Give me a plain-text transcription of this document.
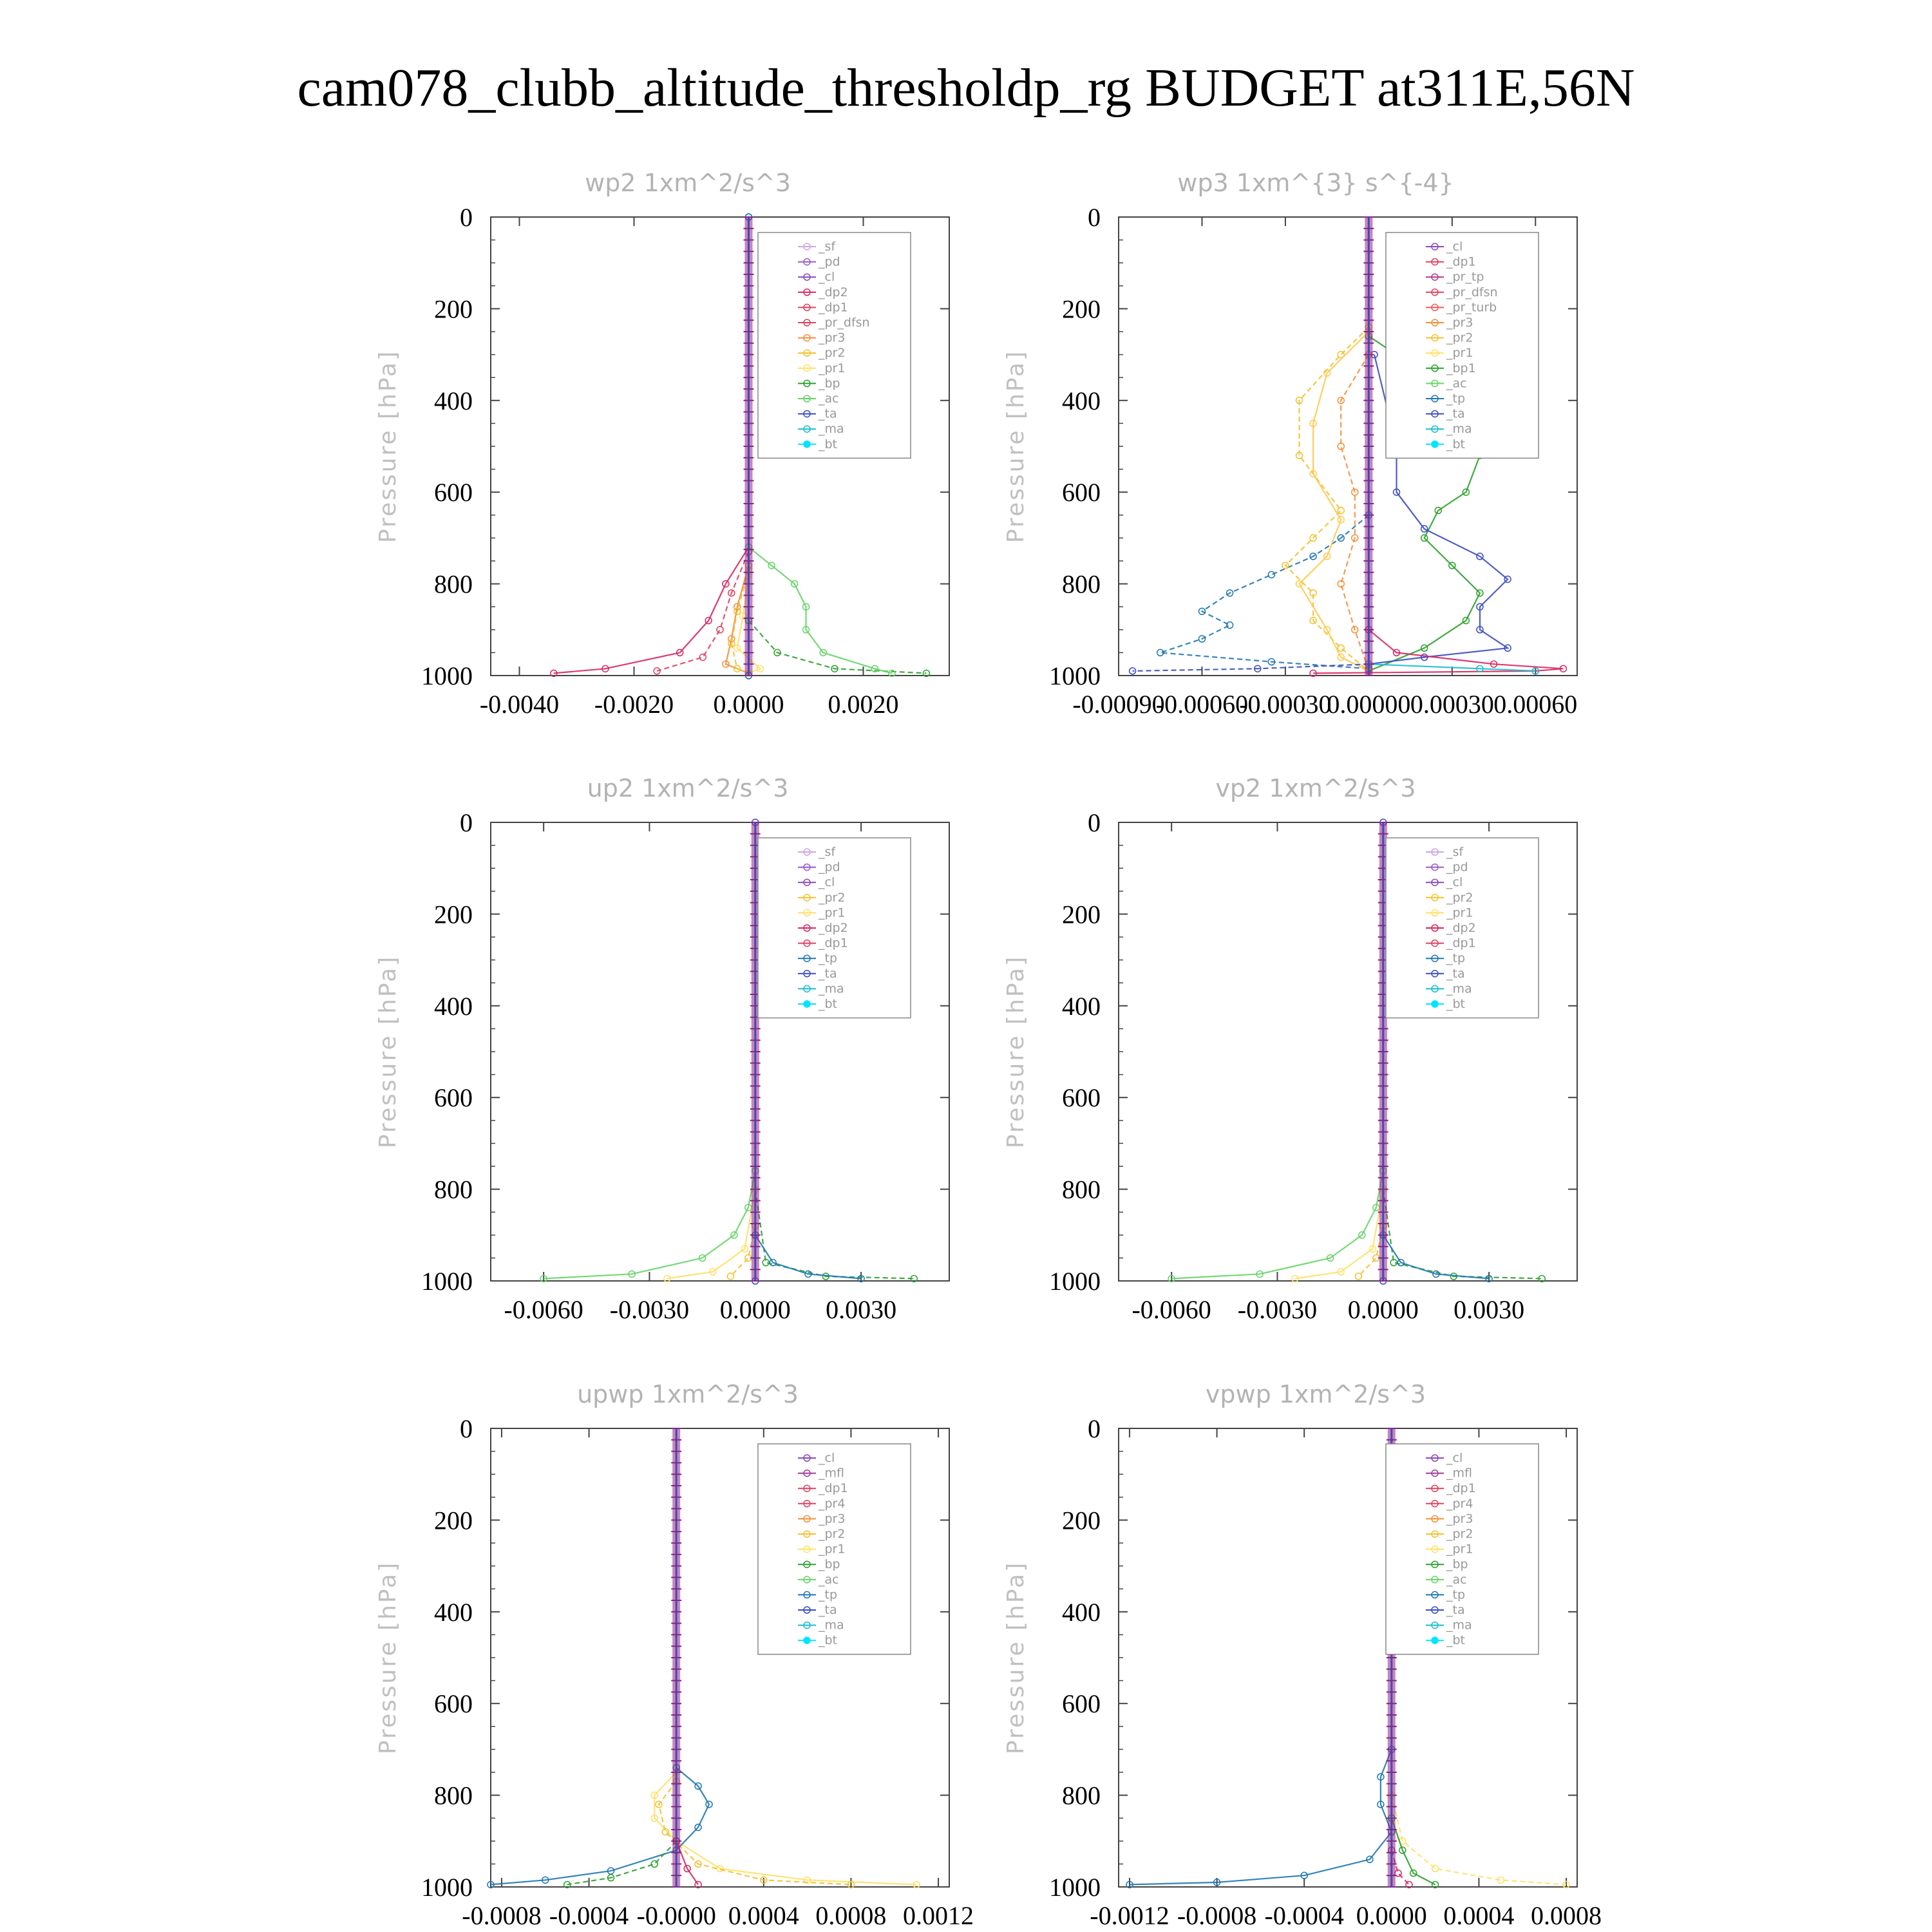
cam078_clubb_altitude_thresholdp_rg BUDGET at311E,56N
wp2 1xm^2/s^3
Pressure [hPa]
0
200
400
600
800
1000
-0.0040 -0.0020 0.0000 0.0020
_sf
_pd
_cl
_dp2
_dp1
_pr_dfsn
_pr3
_pr2
_pr1
_bp
_ac
_ta
_ma
_bt
wp3 1xm^{3} s^{-4}
Pressure [hPa]
0
200
400
600
800
1000
-0.00090
-0.00060
-0.00030
0.00000 0.00030 0.00060
_cl
_dp1
_pr_tp
_pr_dfsn
_pr_turb
_pr3
_pr2
_pr1
_bp1
_ac
_tp
_ta
_ma
_bt
up2 1xm^2/s^3
Pressure [hPa]
0
200
400
600
800
1000
-0.0060 -0.0030 0.0000 0.0030
_sf
_pd
_cl
_pr2
_pr1
_dp2
_dp1
_tp
_ta
_ma
_bt
vp2 1xm^2/s^3
Pressure [hPa]
0
200
400
600
800
1000
-0.0060 -0.0030 0.0000 0.0030
_sf
_pd
_cl
_pr2
_pr1
_dp2
_dp1
_tp
_ta
_ma
_bt
upwp 1xm^2/s^3
Pressure [hPa]
0
200
400
600
800
1000
-0.0008 -0.0004 -0.0000 0.0004 0.0008 0.0012
_cl
_mfl
_dp1
_pr4
_pr3
_pr2
_pr1
_bp
_ac
_tp
_ta
_ma
_bt
vpwp 1xm^2/s^3
Pressure [hPa]
0
200
400
600
800
1000
-0.0012 -0.0008 -0.0004 0.0000 0.0004 0.0008
_cl
_mfl
_dp1
_pr4
_pr3
_pr2
_pr1
_bp
_ac
_tp
_ta
_ma
_bt
